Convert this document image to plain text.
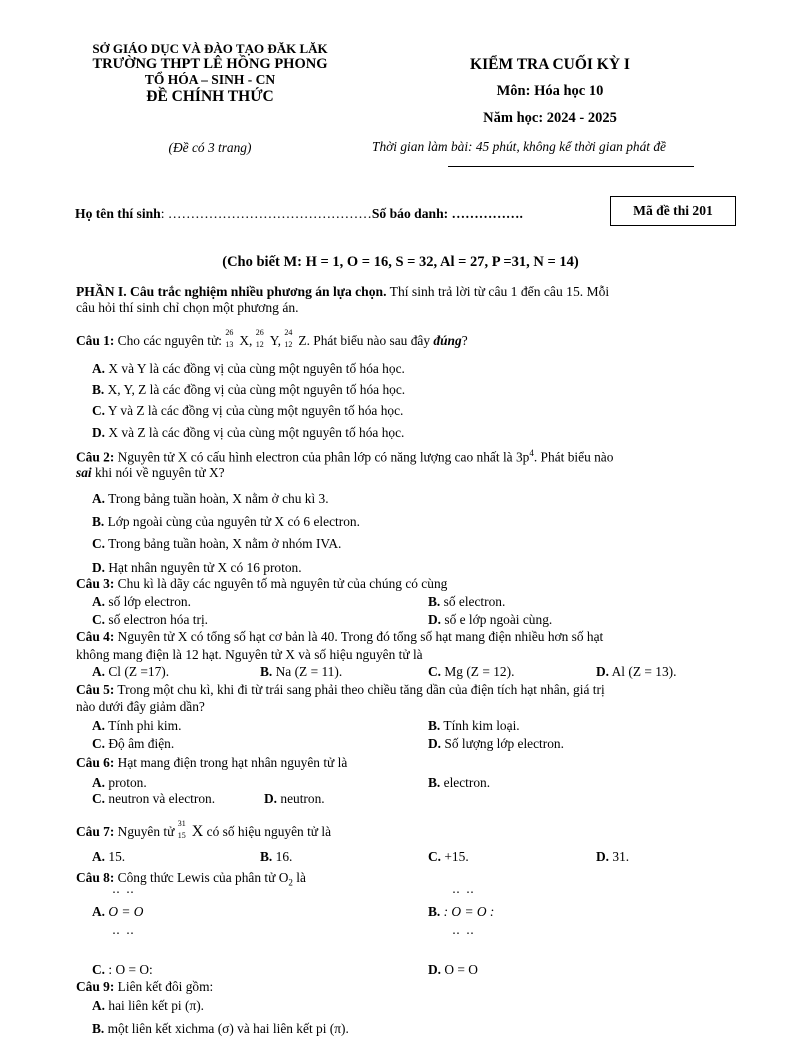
SỞ GIÁO DỤC VÀ ĐÀO TẠO ĐĂK LĂK
TRƯỜNG THPT LÊ HỒNG PHONG
TỔ HÓA – SINH - CN
ĐỀ CHÍNH THỨC
(Đề có 3 trang)
KIỂM TRA CUỐI KỲ I
Môn: Hóa học 10
Năm học: 2024 - 2025
Thời gian làm bài: 45 phút, không kể thời gian phát đề
Họ tên thí sinh: ………………………………………Số báo danh: …………….	Mã đề thi 201
(Cho biết M: H = 1, O = 16, S = 32, Al = 27, P =31, N = 14)
PHẦN I. Câu trắc nghiệm nhiều phương án lựa chọn. Thí sinh trả lời từ câu 1 đến câu 15. Mỗi
câu hỏi thí sinh chỉ chọn một phương án.
Câu 1: Cho các nguyên tử:
26
13 X,
26
12 Y,
24
12 Z. Phát biểu nào sau đây đúng?
A. X và Y là các đồng vị của cùng một nguyên tố hóa học.
B. X, Y, Z là các đồng vị của cùng một nguyên tố hóa học.
C. Y và Z là các đồng vị của cùng một nguyên tố hóa học.
D. X và Z là các đồng vị của cùng một nguyên tố hóa học.
Câu 2: Nguyên tử X có cấu hình electron của phân lớp có năng lượng cao nhất là $3p^4$. Phát biểu nào
sai khi nói về nguyên tử X?
A. Trong bảng tuần hoàn, X nằm ở chu kì 3.
B. Lớp ngoài cùng của nguyên tử X có 6 electron.
C. Trong bảng tuần hoàn, X nằm ở nhóm IVA.
D. Hạt nhân nguyên tử X có 16 proton.
Câu 3: Chu kì là dãy các nguyên tố mà nguyên tử của chúng có cùng
A. số lớp electron.	B. số electron.
C. số electron hóa trị.	D. số e lớp ngoài cùng.
Câu 4: Nguyên tử X có tổng số hạt cơ bản là 40. Trong đó tổng số hạt mang điện nhiều hơn số hạt
không mang điện là 12 hạt. Nguyên tử X và số hiệu nguyên tử là
A. Cl (Z =17).	B. Na (Z = 11).	C. Mg (Z = 12).	D. Al (Z = 13).
Câu 5: Trong một chu kì, khi đi từ trái sang phải theo chiều tăng dần của điện tích hạt nhân, giá trị
nào dưới đây giảm dần?
A. Tính phi kim.	B. Tính kim loại.
C. Độ âm điện.	D. Số lượng lớp electron.
Câu 6: Hạt mang điện trong hạt nhân nguyên tử là
A. proton.	B. electron.
C. neutron và electron.	D. neutron.
Câu 7: Nguyên tử
31
15 X có số hiệu nguyên tử là
A. 15.	B. 16.	C. +15.	D. 31.
Câu 8: Công thức Lewis của phân tử $O_2$ là
‥‥
A. O = O
‥‥
‥‥
B. : O = O :
‥‥
C. : O = O:	D. O = O
Câu 9: Liên kết đôi gồm:
A. hai liên kết pi (π).
B. một liên kết xichma (σ) và hai liên kết pi (π).
